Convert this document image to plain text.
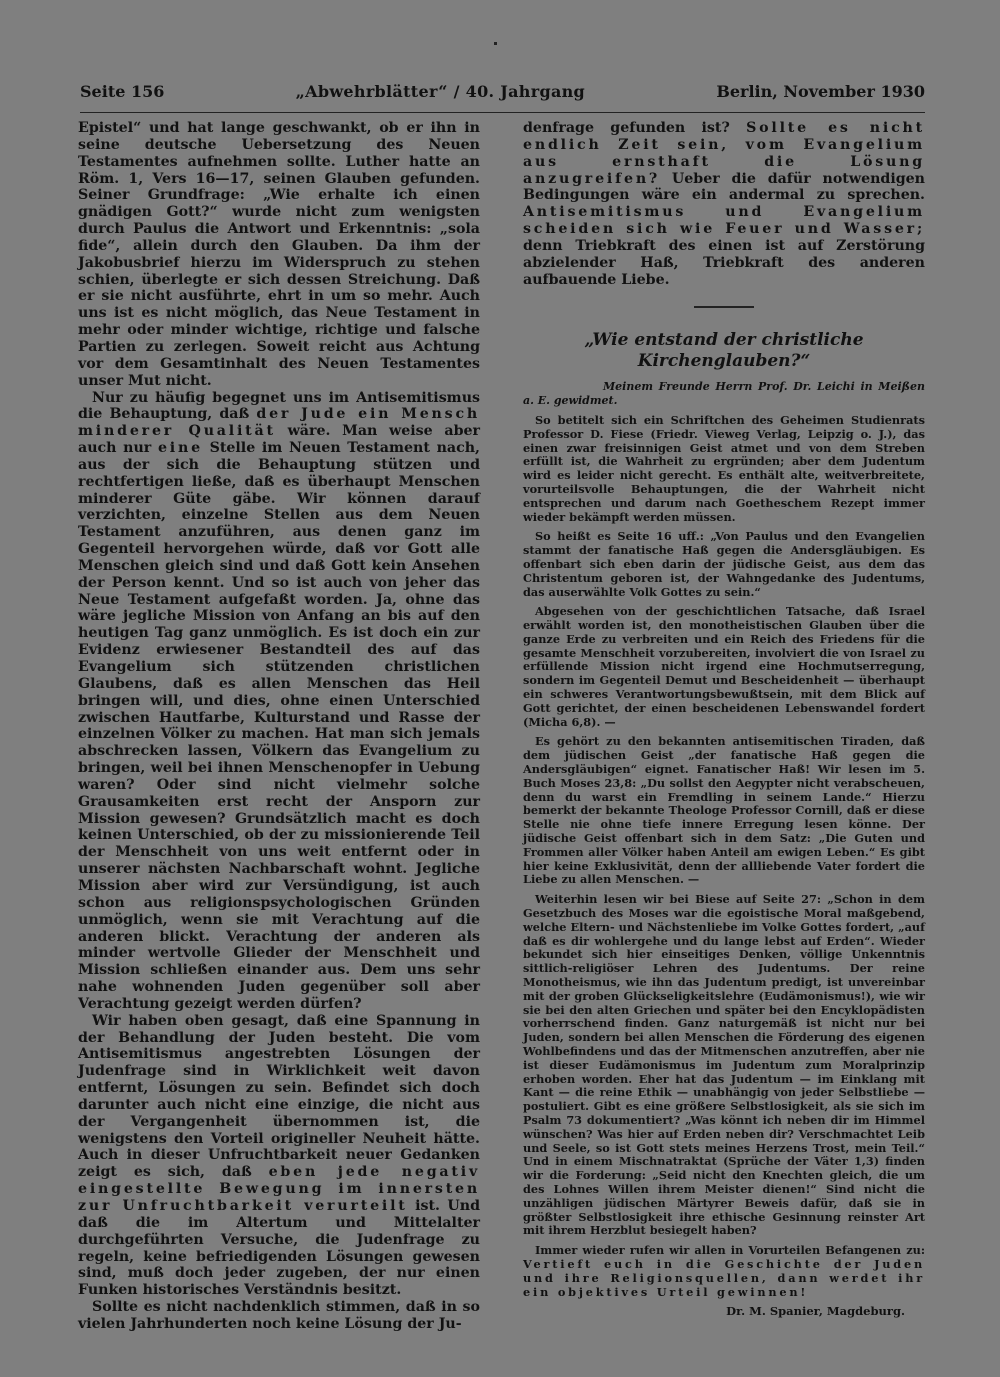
Seite 156	„Abwehrblätter“ / 40. Jahrgang	Berlin, November 1930

Epistel“ und hat lange geschwankt, ob er ihn in seine deutsche Uebersetzung des Neuen Testamentes aufnehmen sollte. Luther hatte an Röm. 1, Vers 16—17, seinen Glauben gefunden. Seiner Grundfrage: „Wie erhalte ich einen gnädigen Gott?“ wurde nicht zum wenigsten durch Paulus die Antwort und Erkenntnis: „sola fide“, allein durch den Glauben. Da ihm der Jakobusbrief hierzu im Widerspruch zu stehen schien, überlegte er sich dessen Streichung. Daß er sie nicht ausführte, ehrt in um so mehr. Auch uns ist es nicht möglich, das Neue Testament in mehr oder minder wichtige, richtige und falsche Partien zu zerlegen. Soweit reicht aus Achtung vor dem Gesamtinhalt des Neuen Testamentes unser Mut nicht.

Nur zu häufig begegnet uns im Antisemitismus die Behauptung, daß der Jude ein Mensch minderer Qualität wäre. Man weise aber auch nur eine Stelle im Neuen Testament nach, aus der sich die Behauptung stützen und rechtfertigen ließe, daß es überhaupt Menschen minderer Güte gäbe. Wir können darauf verzichten, einzelne Stellen aus dem Neuen Testament anzuführen, aus denen ganz im Gegenteil hervorgehen würde, daß vor Gott alle Menschen gleich sind und daß Gott kein Ansehen der Person kennt. Und so ist auch von jeher das Neue Testament aufgefaßt worden. Ja, ohne das wäre jegliche Mission von Anfang an bis auf den heutigen Tag ganz unmöglich. Es ist doch ein zur Evidenz erwiesener Bestandteil des auf das Evangelium sich stützenden christlichen Glaubens, daß es allen Menschen das Heil bringen will, und dies, ohne einen Unterschied zwischen Hautfarbe, Kulturstand und Rasse der einzelnen Völker zu machen. Hat man sich jemals abschrecken lassen, Völkern das Evangelium zu bringen, weil bei ihnen Menschenopfer in Uebung waren? Oder sind nicht vielmehr solche Grausamkeiten erst recht der Ansporn zur Mission gewesen? Grundsätzlich macht es doch keinen Unterschied, ob der zu missionierende Teil der Menschheit von uns weit entfernt oder in unserer nächsten Nachbarschaft wohnt. Jegliche Mission aber wird zur Versündigung, ist auch schon aus religionspsychologischen Gründen unmöglich, wenn sie mit Verachtung auf die anderen blickt. Verachtung der anderen als minder wertvolle Glieder der Menschheit und Mission schließen einander aus. Dem uns sehr nahe wohnenden Juden gegenüber soll aber Verachtung gezeigt werden dürfen?

Wir haben oben gesagt, daß eine Spannung in der Behandlung der Juden besteht. Die vom Antisemitismus angestrebten Lösungen der Judenfrage sind in Wirklichkeit weit davon entfernt, Lösungen zu sein. Befindet sich doch darunter auch nicht eine einzige, die nicht aus der Vergangenheit übernommen ist, die wenigstens den Vorteil origineller Neuheit hätte. Auch in dieser Unfruchtbarkeit neuer Gedanken zeigt es sich, daß eben jede negativ eingestellte Bewegung im innersten zur Unfruchtbarkeit verurteilt ist. Und daß die im Altertum und Mittelalter durchgeführten Versuche, die Judenfrage zu regeln, keine befriedigenden Lösungen gewesen sind, muß doch jeder zugeben, der nur einen Funken historisches Verständnis besitzt.

Sollte es nicht nachdenklich stimmen, daß in so vielen Jahrhunderten noch keine Lösung der Ju-

denfrage gefunden ist? Sollte es nicht endlich Zeit sein, vom Evangelium aus ernsthaft die Lösung anzugreifen? Ueber die dafür notwendigen Bedingungen wäre ein andermal zu sprechen. Antisemitismus und Evangelium scheiden sich wie Feuer und Wasser; denn Triebkraft des einen ist auf Zerstörung abzielender Haß, Triebkraft des anderen aufbauende Liebe.

„Wie entstand der christliche Kirchenglauben?“
Meinem Freunde Herrn Prof. Dr. Leichi in Meißen a. E. gewidmet.

So betitelt sich ein Schriftchen des Geheimen Studienrats Professor D. Fiese (Friedr. Vieweg Verlag, Leipzig o. J.), das einen zwar freisinnigen Geist atmet und von dem Streben erfüllt ist, die Wahrheit zu ergründen; aber dem Judentum wird es leider nicht gerecht. Es enthält alte, weitverbreitete, vorurteilsvolle Behauptungen, die der Wahrheit nicht entsprechen und darum nach Goetheschem Rezept immer wieder bekämpft werden müssen.

So heißt es Seite 16 uff.: „Von Paulus und den Evangelien stammt der fanatische Haß gegen die Andersgläubigen. Es offenbart sich eben darin der jüdische Geist, aus dem das Christentum geboren ist, der Wahngedanke des Judentums, das auserwählte Volk Gottes zu sein.“

Abgesehen von der geschichtlichen Tatsache, daß Israel erwählt worden ist, den monotheistischen Glauben über die ganze Erde zu verbreiten und ein Reich des Friedens für die gesamte Menschheit vorzubereiten, involviert die von Israel zu erfüllende Mission nicht irgend eine Hochmutserregung, sondern im Gegenteil Demut und Bescheidenheit — überhaupt ein schweres Verantwortungsbewußtsein, mit dem Blick auf Gott gerichtet, der einen bescheidenen Lebenswandel fordert (Micha 6,8). —

Es gehört zu den bekannten antisemitischen Tiraden, daß dem jüdischen Geist „der fanatische Haß gegen die Andersgläubigen“ eignet. Fanatischer Haß! Wir lesen im 5. Buch Moses 23,8: „Du sollst den Aegypter nicht verabscheuen, denn du warst ein Fremdling in seinem Lande.“ Hierzu bemerkt der bekannte Theologe Professor Cornill, daß er diese Stelle nie ohne tiefe innere Erregung lesen könne. Der jüdische Geist offenbart sich in dem Satz: „Die Guten und Frommen aller Völker haben Anteil am ewigen Leben.“ Es gibt hier keine Exklusivität, denn der allliebende Vater fordert die Liebe zu allen Menschen. —

Weiterhin lesen wir bei Biese auf Seite 27: „Schon in dem Gesetzbuch des Moses war die egoistische Moral maßgebend, welche Eltern- und Nächstenliebe im Volke Gottes fordert, „auf daß es dir wohlergehe und du lange lebst auf Erden“. Wieder bekundet sich hier einseitiges Denken, völlige Unkenntnis sittlich-religiöser Lehren des Judentums. Der reine Monotheismus, wie ihn das Judentum predigt, ist unvereinbar mit der groben Glückseligkeitslehre (Eudämonismus!), wie wir sie bei den alten Griechen und später bei den Encyklopädisten vorherrschend finden. Ganz naturgemäß ist nicht nur bei Juden, sondern bei allen Menschen die Förderung des eigenen Wohlbefindens und das der Mitmenschen anzutreffen, aber nie ist dieser Eudämonismus im Judentum zum Moralprinzip erhoben worden. Eher hat das Judentum — im Einklang mit Kant — die reine Ethik — unabhängig von jeder Selbstliebe — postuliert. Gibt es eine größere Selbstlosigkeit, als sie sich im Psalm 73 dokumentiert? „Was könnt ich neben dir im Himmel wünschen? Was hier auf Erden neben dir? Verschmachtet Leib und Seele, so ist Gott stets meines Herzens Trost, mein Teil.“ Und in einem Mischnatraktat (Sprüche der Väter 1,3) finden wir die Forderung: „Seid nicht den Knechten gleich, die um des Lohnes Willen ihrem Meister dienen!“ Sind nicht die unzähligen jüdischen Märtyrer Beweis dafür, daß sie in größter Selbstlosigkeit ihre ethische Gesinnung reinster Art mit ihrem Herzblut besiegelt haben?

Immer wieder rufen wir allen in Vorurteilen Befangenen zu: Vertieft euch in die Geschichte der Juden und ihre Religionsquellen, dann werdet ihr ein objektives Urteil gewinnen!

Dr. M. Spanier, Magdeburg.
